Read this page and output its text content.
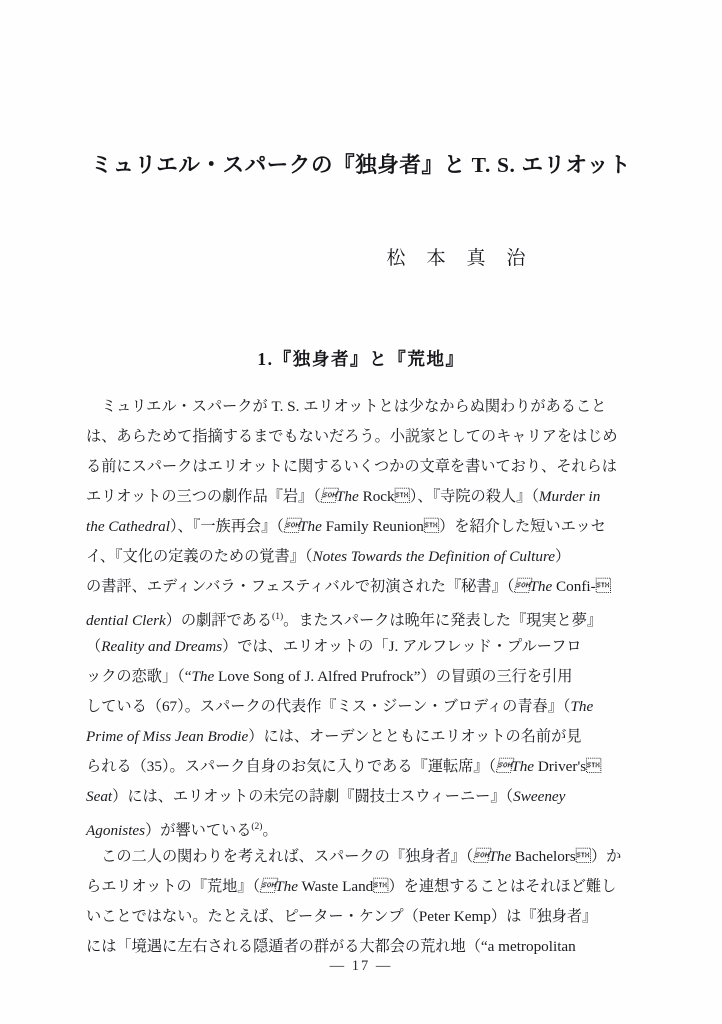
ミュリエル・スパークの『独身者』と T. S. エリオット
松本真治
1.『独身者』と『荒地』
　ミュリエル・スパークが T. S. エリオットとは少なからぬ関わりがあること
は、あらためて指摘するまでもないだろう。小説家としてのキャリアをはじめ
る前にスパークはエリオットに関するいくつかの文章を書いており、それらは
エリオットの三つの劇作品『岩』（The Rock）、『寺院の殺人』（Murder in
the Cathedral）、『一族再会』（The Family Reunion）を紹介した短いエッセ
イ、『文化の定義のための覚書』（Notes Towards the Definition of Culture）
の書評、エディンバラ・フェスティバルで初演された『秘書』（The Confi-
dential Clerk）の劇評である$^{(1)}$。またスパークは晩年に発表した『現実と夢』
（Reality and Dreams）では、エリオットの「J. アルフレッド・プルーフロ
ックの恋歌」（“The Love Song of J. Alfred Prufrock”）の冒頭の三行を引用
している（67）。スパークの代表作『ミス・ジーン・ブロディの青春』（The
Prime of Miss Jean Brodie）には、オーデンとともにエリオットの名前が見
られる（35）。スパーク自身のお気に入りである『運転席』（The Driver's
Seat）には、エリオットの未完の詩劇『闘技士スウィーニー』（Sweeney
Agonistes）が響いている$^{(2)}$。
　この二人の関わりを考えれば、スパークの『独身者』（The Bachelors）か
らエリオットの『荒地』（The Waste Land）を連想することはそれほど難し
いことではない。たとえば、ピーター・ケンプ（Peter Kemp）は『独身者』
には「境遇に左右される隠遁者の群がる大都会の荒れ地（“a metropolitan
— 17 —
